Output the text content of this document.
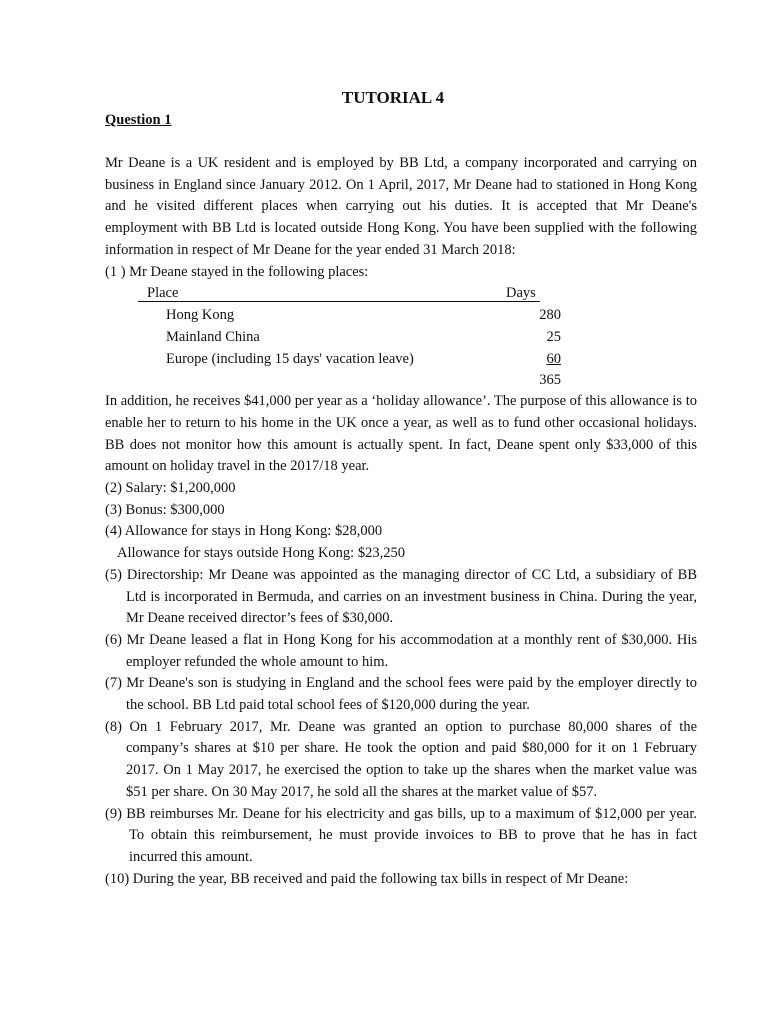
TUTORIAL 4
Question 1

Mr Deane is a UK resident and is employed by BB Ltd, a company incorporated and carrying on business in England since January 2012. On 1 April, 2017, Mr Deane had to stationed in Hong Kong and he visited different places when carrying out his duties. It is accepted that Mr Deane's employment with BB Ltd is located outside Hong Kong. You have been supplied with the following information in respect of Mr Deane for the year ended 31 March 2018:

(1 ) Mr Deane stayed in the following places:

Place	Days
Hong Kong	280
Mainland China	25
Europe (including 15 days' vacation leave)	60
365

In addition, he receives $41,000 per year as a ‘holiday allowance’. The purpose of this allowance is to enable her to return to his home in the UK once a year, as well as to fund other occasional holidays. BB does not monitor how this amount is actually spent. In fact, Deane spent only $33,000 of this amount on holiday travel in the 2017/18 year.

(2) Salary: $1,200,000

(3) Bonus: $300,000

(4) Allowance for stays in Hong Kong: $28,000

Allowance for stays outside Hong Kong: $23,250

(5) Directorship: Mr Deane was appointed as the managing director of CC Ltd, a subsidiary of BB Ltd is incorporated in Bermuda, and carries on an investment business in China. During the year, Mr Deane received director’s fees of $30,000.

(6) Mr Deane leased a flat in Hong Kong for his accommodation at a monthly rent of $30,000. His employer refunded the whole amount to him.

(7) Mr Deane's son is studying in England and the school fees were paid by the employer directly to the school. BB Ltd paid total school fees of $120,000 during the year.

(8) On 1 February 2017, Mr. Deane was granted an option to purchase 80,000 shares of the company’s shares at $10 per share. He took the option and paid $80,000 for it on 1 February 2017. On 1 May 2017, he exercised the option to take up the shares when the market value was $51 per share. On 30 May 2017, he sold all the shares at the market value of $57.

(9) BB reimburses Mr. Deane for his electricity and gas bills, up to a maximum of $12,000 per year. To obtain this reimbursement, he must provide invoices to BB to prove that he has in fact incurred this amount.

(10) During the year, BB received and paid the following tax bills in respect of Mr Deane:
